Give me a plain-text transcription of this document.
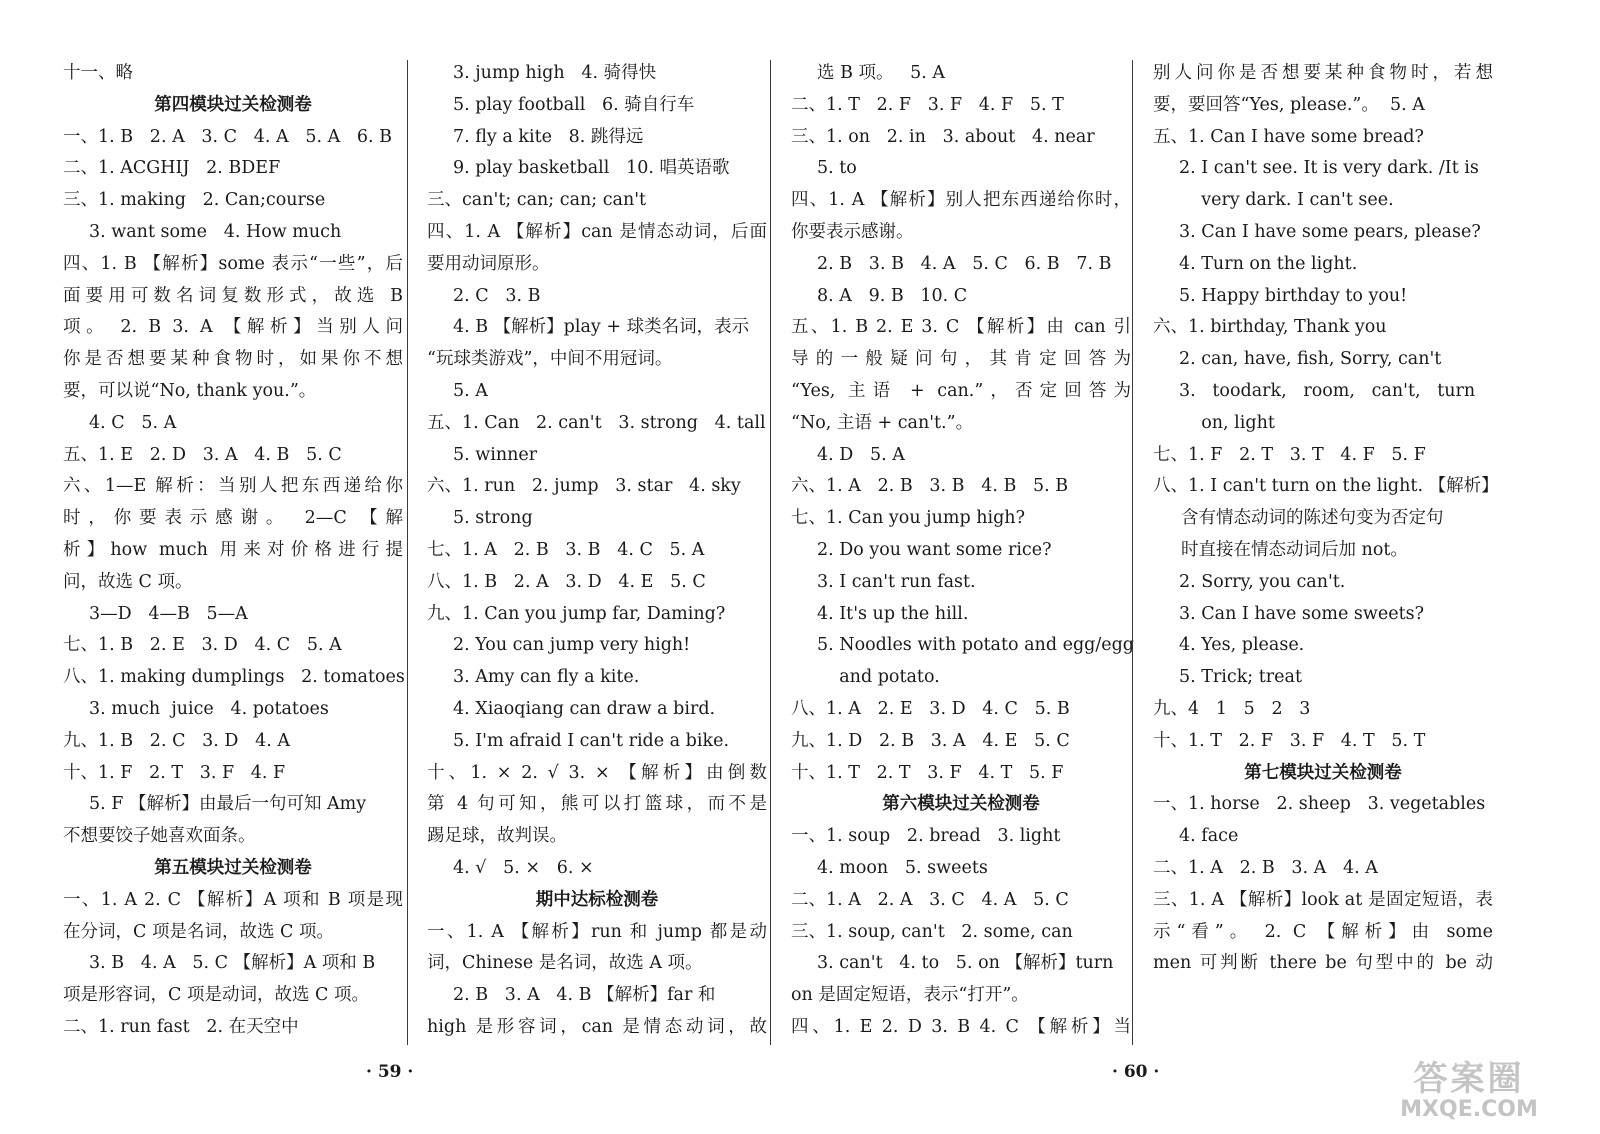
十一、略
第四模块过关检测卷
一、1. B   2. A   3. C   4. A   5. A   6. B
二、1. ACGHIJ   2. BDEF
三、1. making   2. Can;course
3. want some   4. How much
四、1. B 【解析】some 表示“一些”，后
面要用可数名词复数形式，故选 B
项。 2. B 3. A 【解析】当别人问
你是否想要某种食物时，如果你不想
要，可以说“No, thank you.”。
4. C   5. A
五、1. E   2. D   3. A   4. B   5. C
六、1—E 解析：当别人把东西递给你
时，你要表示感谢。 2—C 【解
析】how much 用来对价格进行提
问，故选 C 项。
3—D   4—B   5—A
七、1. B   2. E   3. D   4. C   5. A
八、1. making dumplings   2. tomatoes
3. much  juice   4. potatoes
九、1. B   2. C   3. D   4. A
十、1. F   2. T   3. F   4. F
5. F 【解析】由最后一句可知 Amy
不想要饺子她喜欢面条。
第五模块过关检测卷
一、1. A 2. C 【解析】A 项和 B 项是现
在分词，C 项是名词，故选 C 项。
3. B   4. A   5. C 【解析】A 项和 B
项是形容词，C 项是动词，故选 C 项。
二、1. run fast   2. 在天空中
3. jump high   4. 骑得快
5. play football   6. 骑自行车
7. fly a kite   8. 跳得远
9. play basketball   10. 唱英语歌
三、can't; can; can; can't
四、1. A 【解析】can 是情态动词，后面
要用动词原形。
2. C   3. B
4. B 【解析】play + 球类名词，表示
“玩球类游戏”，中间不用冠词。
5. A
五、1. Can   2. can't   3. strong   4. tall
5. winner
六、1. run   2. jump   3. star   4. sky
5. strong
七、1. A   2. B   3. B   4. C   5. A
八、1. B   2. A   3. D   4. E   5. C
九、1. Can you jump far, Daming?
2. You can jump very high!
3. Amy can fly a kite.
4. Xiaoqiang can draw a bird.
5. I'm afraid I can't ride a bike.
十、1. × 2. √ 3. × 【解析】由倒数
第 4 句可知，熊可以打篮球，而不是
踢足球，故判误。
4. √   5. ×   6. ×
期中达标检测卷
一、1. A 【解析】run 和 jump 都是动
词，Chinese 是名词，故选 A 项。
2. B   3. A   4. B 【解析】far 和
high 是形容词，can 是情态动词，故
选 B 项。   5. A
二、1. T   2. F   3. F   4. F   5. T
三、1. on   2. in   3. about   4. near
5. to
四、1. A 【解析】别人把东西递给你时，
你要表示感谢。
2. B   3. B   4. A   5. C   6. B   7. B
8. A   9. B   10. C
五、1. B 2. E 3. C 【解析】由 can 引
导的一般疑问句，其肯定回答为
“Yes, 主语 + can.”，否定回答为
“No, 主语 + can't.”。
4. D   5. A
六、1. A   2. B   3. B   4. B   5. B
七、1. Can you jump high?
2. Do you want some rice?
3. I can't run fast.
4. It's up the hill.
5. Noodles with potato and egg/egg
and potato.
八、1. A   2. E   3. D   4. C   5. B
九、1. D   2. B   3. A   4. E   5. C
十、1. T   2. T   3. F   4. T   5. F
第六模块过关检测卷
一、1. soup   2. bread   3. light
4. moon   5. sweets
二、1. A   2. A   3. C   4. A   5. C
三、1. soup, can't   2. some, can
3. can't   4. to   5. on 【解析】turn
on 是固定短语，表示“打开”。
四、1. E 2. D 3. B 4. C 【解析】当
别人问你是否想要某种食物时，若想
要，要回答“Yes, please.”。  5. A
五、1. Can I have some bread?
2. I can't see. It is very dark. /It is
very dark. I can't see.
3. Can I have some pears, please?
4. Turn on the light.
5. Happy birthday to you!
六、1. birthday, Thank you
2. can, have, fish, Sorry, can't
3.   toodark,   room,   can't,   turn
on, light
七、1. F   2. T   3. T   4. F   5. F
八、1. I can't turn on the light. 【解析】
含有情态动词的陈述句变为否定句
时直接在情态动词后加 not。
2. Sorry, you can't.
3. Can I have some sweets?
4. Yes, please.
5. Trick; treat
九、4   1   5   2   3
十、1. T   2. F   3. F   4. T   5. T
第七模块过关检测卷
一、1. horse   2. sheep   3. vegetables
4. face
二、1. A   2. B   3. A   4. A
三、1. A 【解析】look at 是固定短语，表
示“看”。 2. C 【解析】由 some
men 可判断 there be 句型中的 be 动
· 59 ·	· 60 ·	答案圈
MXQE.COM
